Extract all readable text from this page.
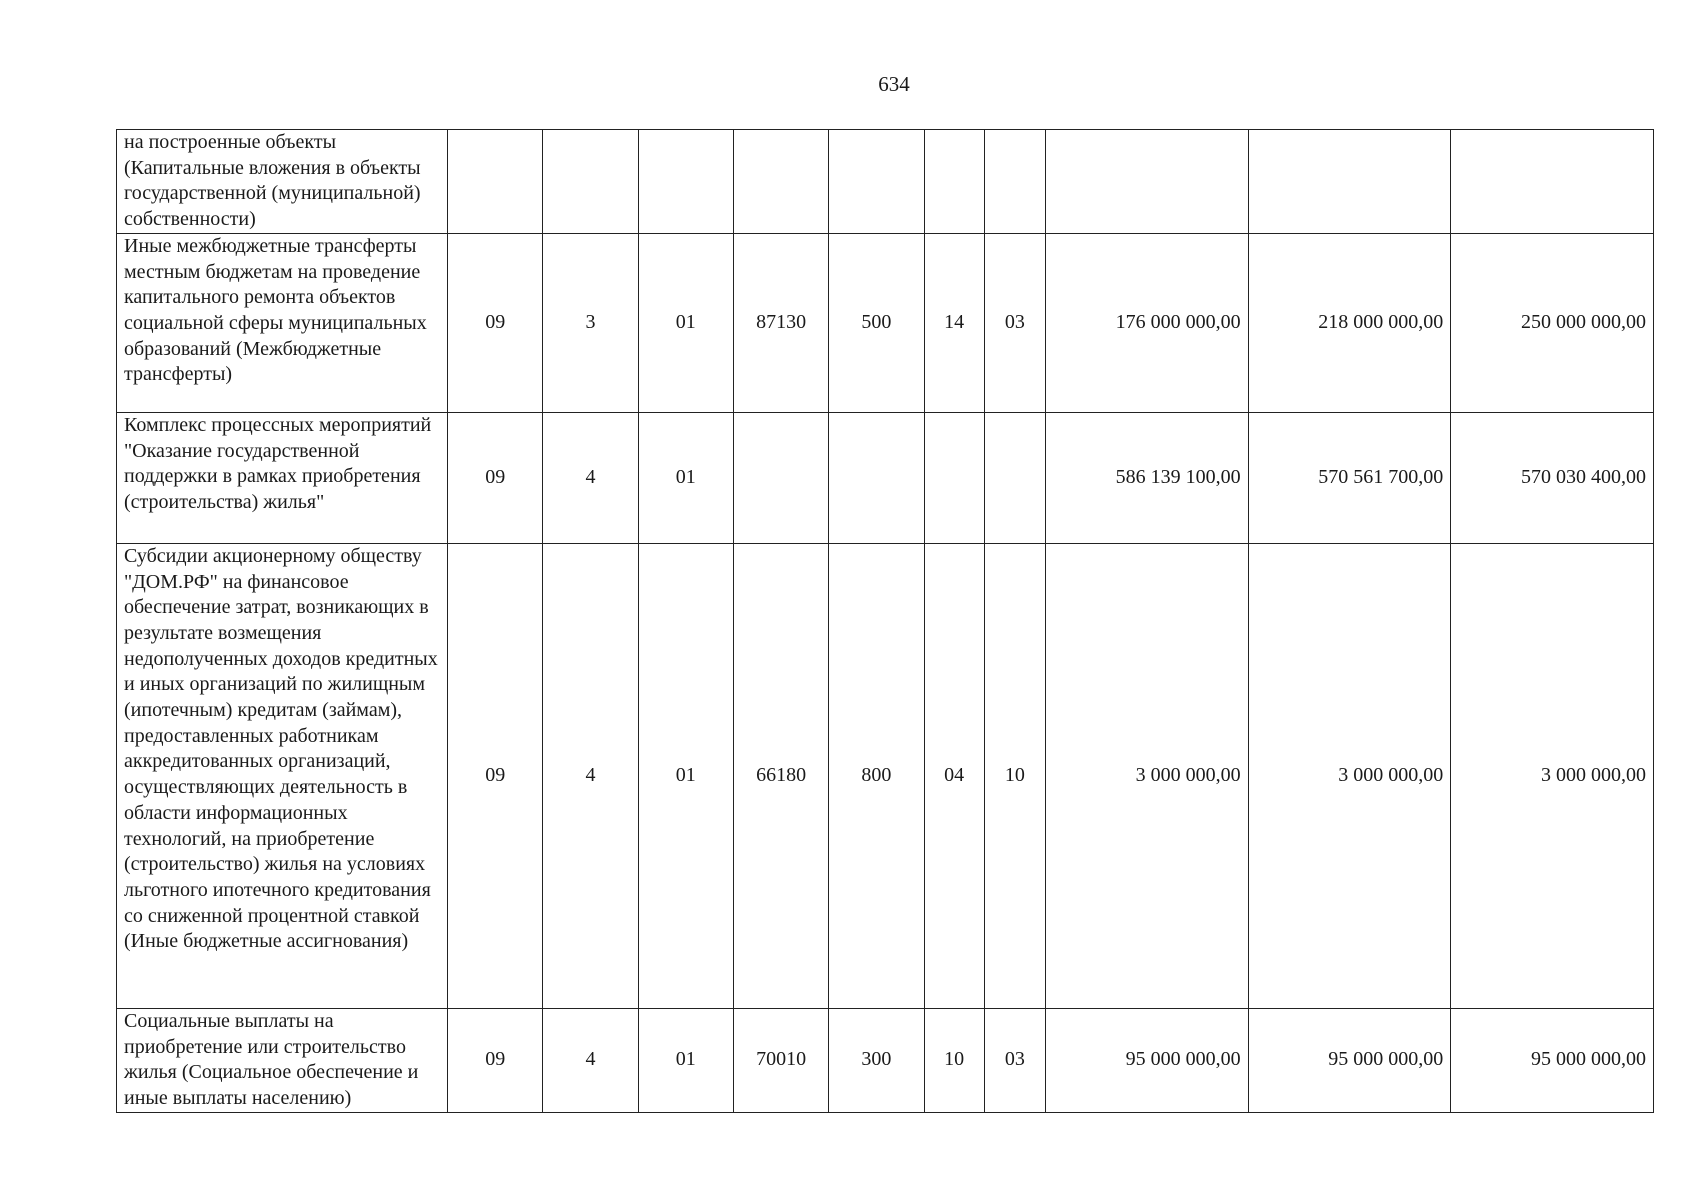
634
на построенные объекты (Капитальные вложения в объекты государственной (муниципальной) собственности)										
Иные межбюджетные трансферты местным бюджетам на проведение капитального ремонта объектов социальной сферы муниципальных образований (Межбюджетные трансферты)	09	3	01	87130	500	14	03	176 000 000,00	218 000 000,00	250 000 000,00
Комплекс процессных мероприятий "Оказание государственной поддержки в рамках приобретения (строительства) жилья"	09	4	01					586 139 100,00	570 561 700,00	570 030 400,00
Субсидии акционерному обществу "ДОМ.РФ" на финансовое обеспечение затрат, возникающих в результате возмещения недополученных доходов кредитных и иных организаций по жилищным (ипотечным) кредитам (займам), предоставленных работникам аккредитованных организаций, осуществляющих деятельность в области информационных технологий, на приобретение (строительство) жилья на условиях льготного ипотечного кредитования со сниженной процентной ставкой (Иные бюджетные ассигнования)	09	4	01	66180	800	04	10	3 000 000,00	3 000 000,00	3 000 000,00
Социальные выплаты на приобретение или строительство жилья (Социальное обеспечение и иные выплаты населению)	09	4	01	70010	300	10	03	95 000 000,00	95 000 000,00	95 000 000,00
